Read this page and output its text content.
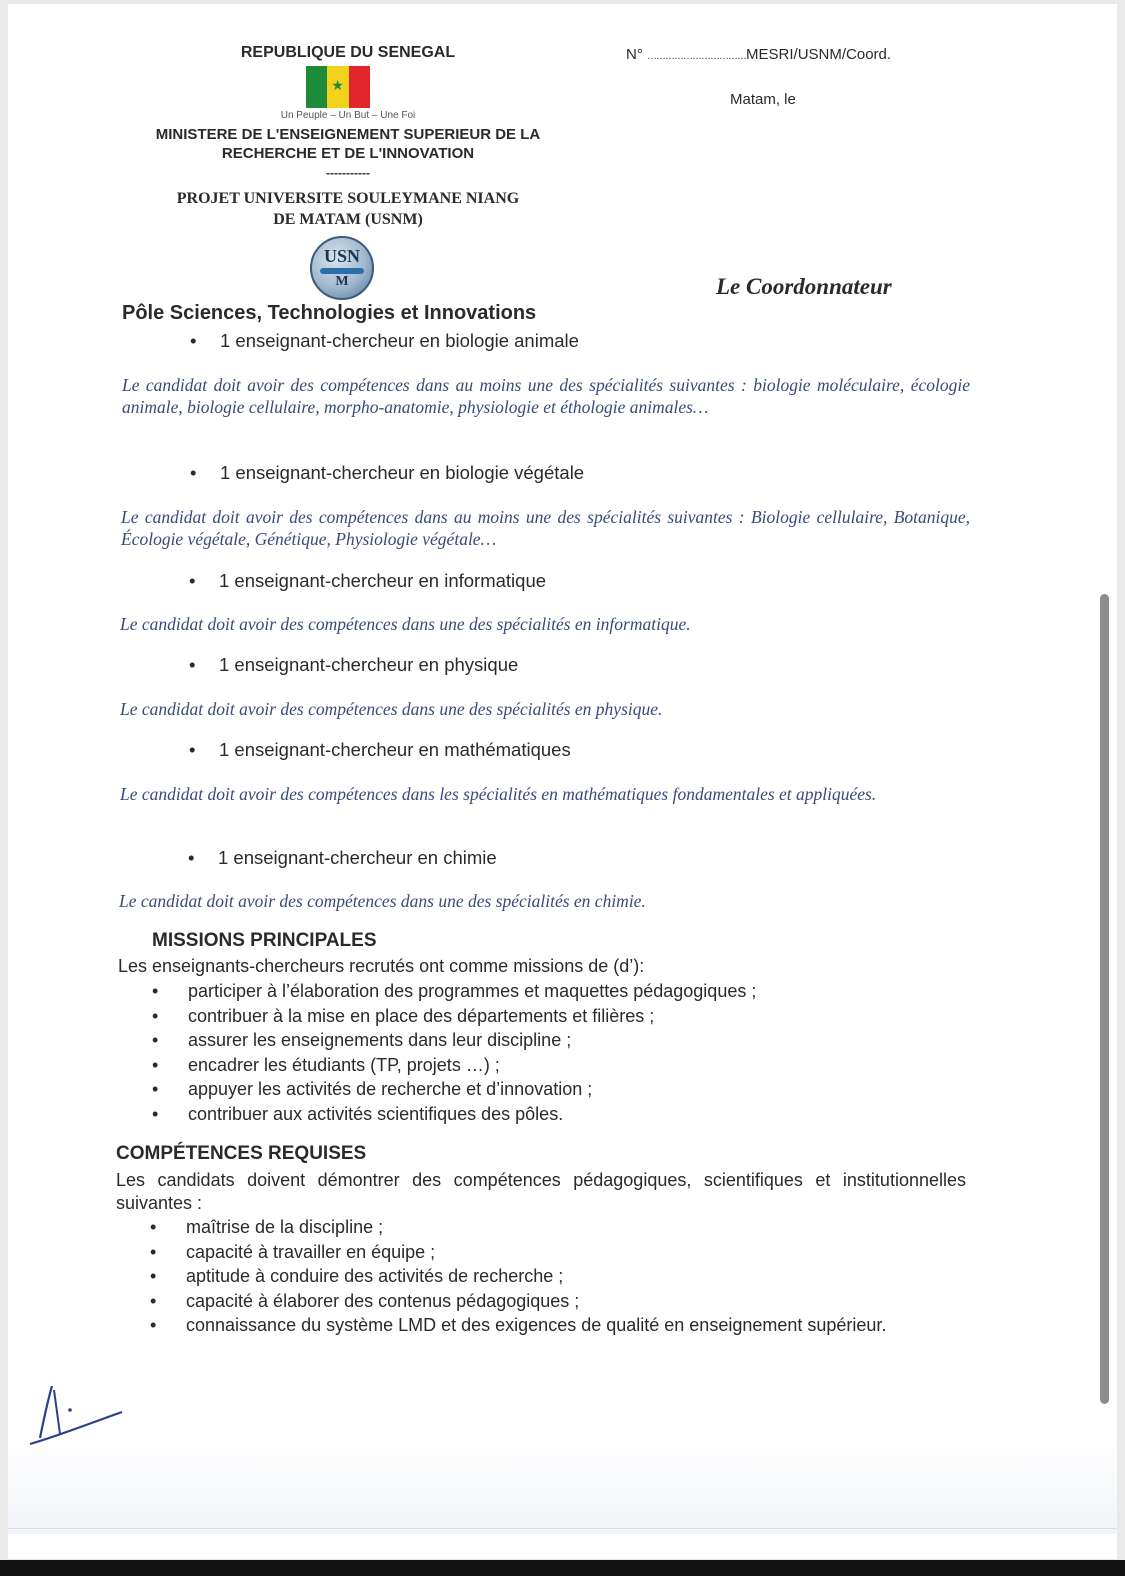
REPUBLIQUE DU SENEGAL
★
Un Peuple – Un But – Une Foi
MINISTERE DE L'ENSEIGNEMENT SUPERIEUR DE LA
RECHERCHE ET DE L'INNOVATION
-----------
PROJET UNIVERSITE SOULEYMANE NIANG
DE MATAM (USNM)
USN
M
N° ……………………………MESRI/USNM/Coord.
Matam, le
Le Coordonnateur
Pôle Sciences, Technologies et Innovations
• 1 enseignant-chercheur en biologie animale
Le candidat doit avoir des compétences dans au moins une des spécialités suivantes : biologie moléculaire, écologie animale, biologie cellulaire, morpho-anatomie, physiologie et éthologie animales…
• 1 enseignant-chercheur en biologie végétale
Le candidat doit avoir des compétences dans au moins une des spécialités suivantes : Biologie cellulaire, Botanique, Écologie végétale, Génétique, Physiologie végétale…
• 1 enseignant-chercheur en informatique
Le candidat doit avoir des compétences dans une des spécialités en informatique.
• 1 enseignant-chercheur en physique
Le candidat doit avoir des compétences dans une des spécialités en physique.
• 1 enseignant-chercheur en mathématiques
Le candidat doit avoir des compétences dans les spécialités en mathématiques fondamentales et appliquées.
• 1 enseignant-chercheur en chimie
Le candidat doit avoir des compétences dans une des spécialités en chimie.
MISSIONS PRINCIPALES
Les enseignants-chercheurs recrutés ont comme missions de (d’):
• participer à l’élaboration des programmes et maquettes pédagogiques ;
• contribuer à la mise en place des départements et filières ;
• assurer les enseignements dans leur discipline ;
• encadrer les étudiants (TP, projets …) ;
• appuyer les activités de recherche et d’innovation ;
• contribuer aux activités scientifiques des pôles.
COMPÉTENCES REQUISES
Les candidats doivent démontrer des compétences pédagogiques, scientifiques et institutionnelles suivantes :
• maîtrise de la discipline ;
• capacité à travailler en équipe ;
• aptitude à conduire des activités de recherche ;
• capacité à élaborer des contenus pédagogiques ;
• connaissance du système LMD et des exigences de qualité en enseignement supérieur.
